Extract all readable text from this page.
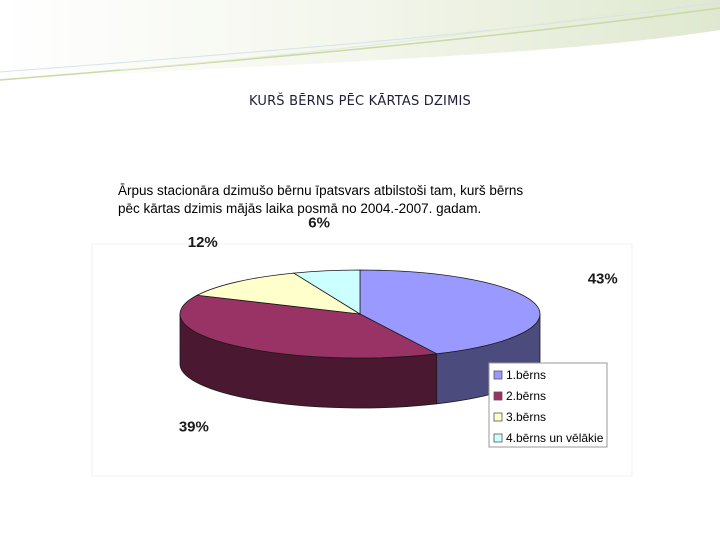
KURŠ BĒRNS PĒC KĀRTAS DZIMIS
Ārpus stacionāra dzimušo bērnu īpatsvars atbilstoši tam, kurš bērns
pēc kārtas dzimis mājās laika posmā no 2004.-2007. gadam.
43%
39%
12%
6%
1.bērns
2.bērns
3.bērns
4.bērns un vēlākie
